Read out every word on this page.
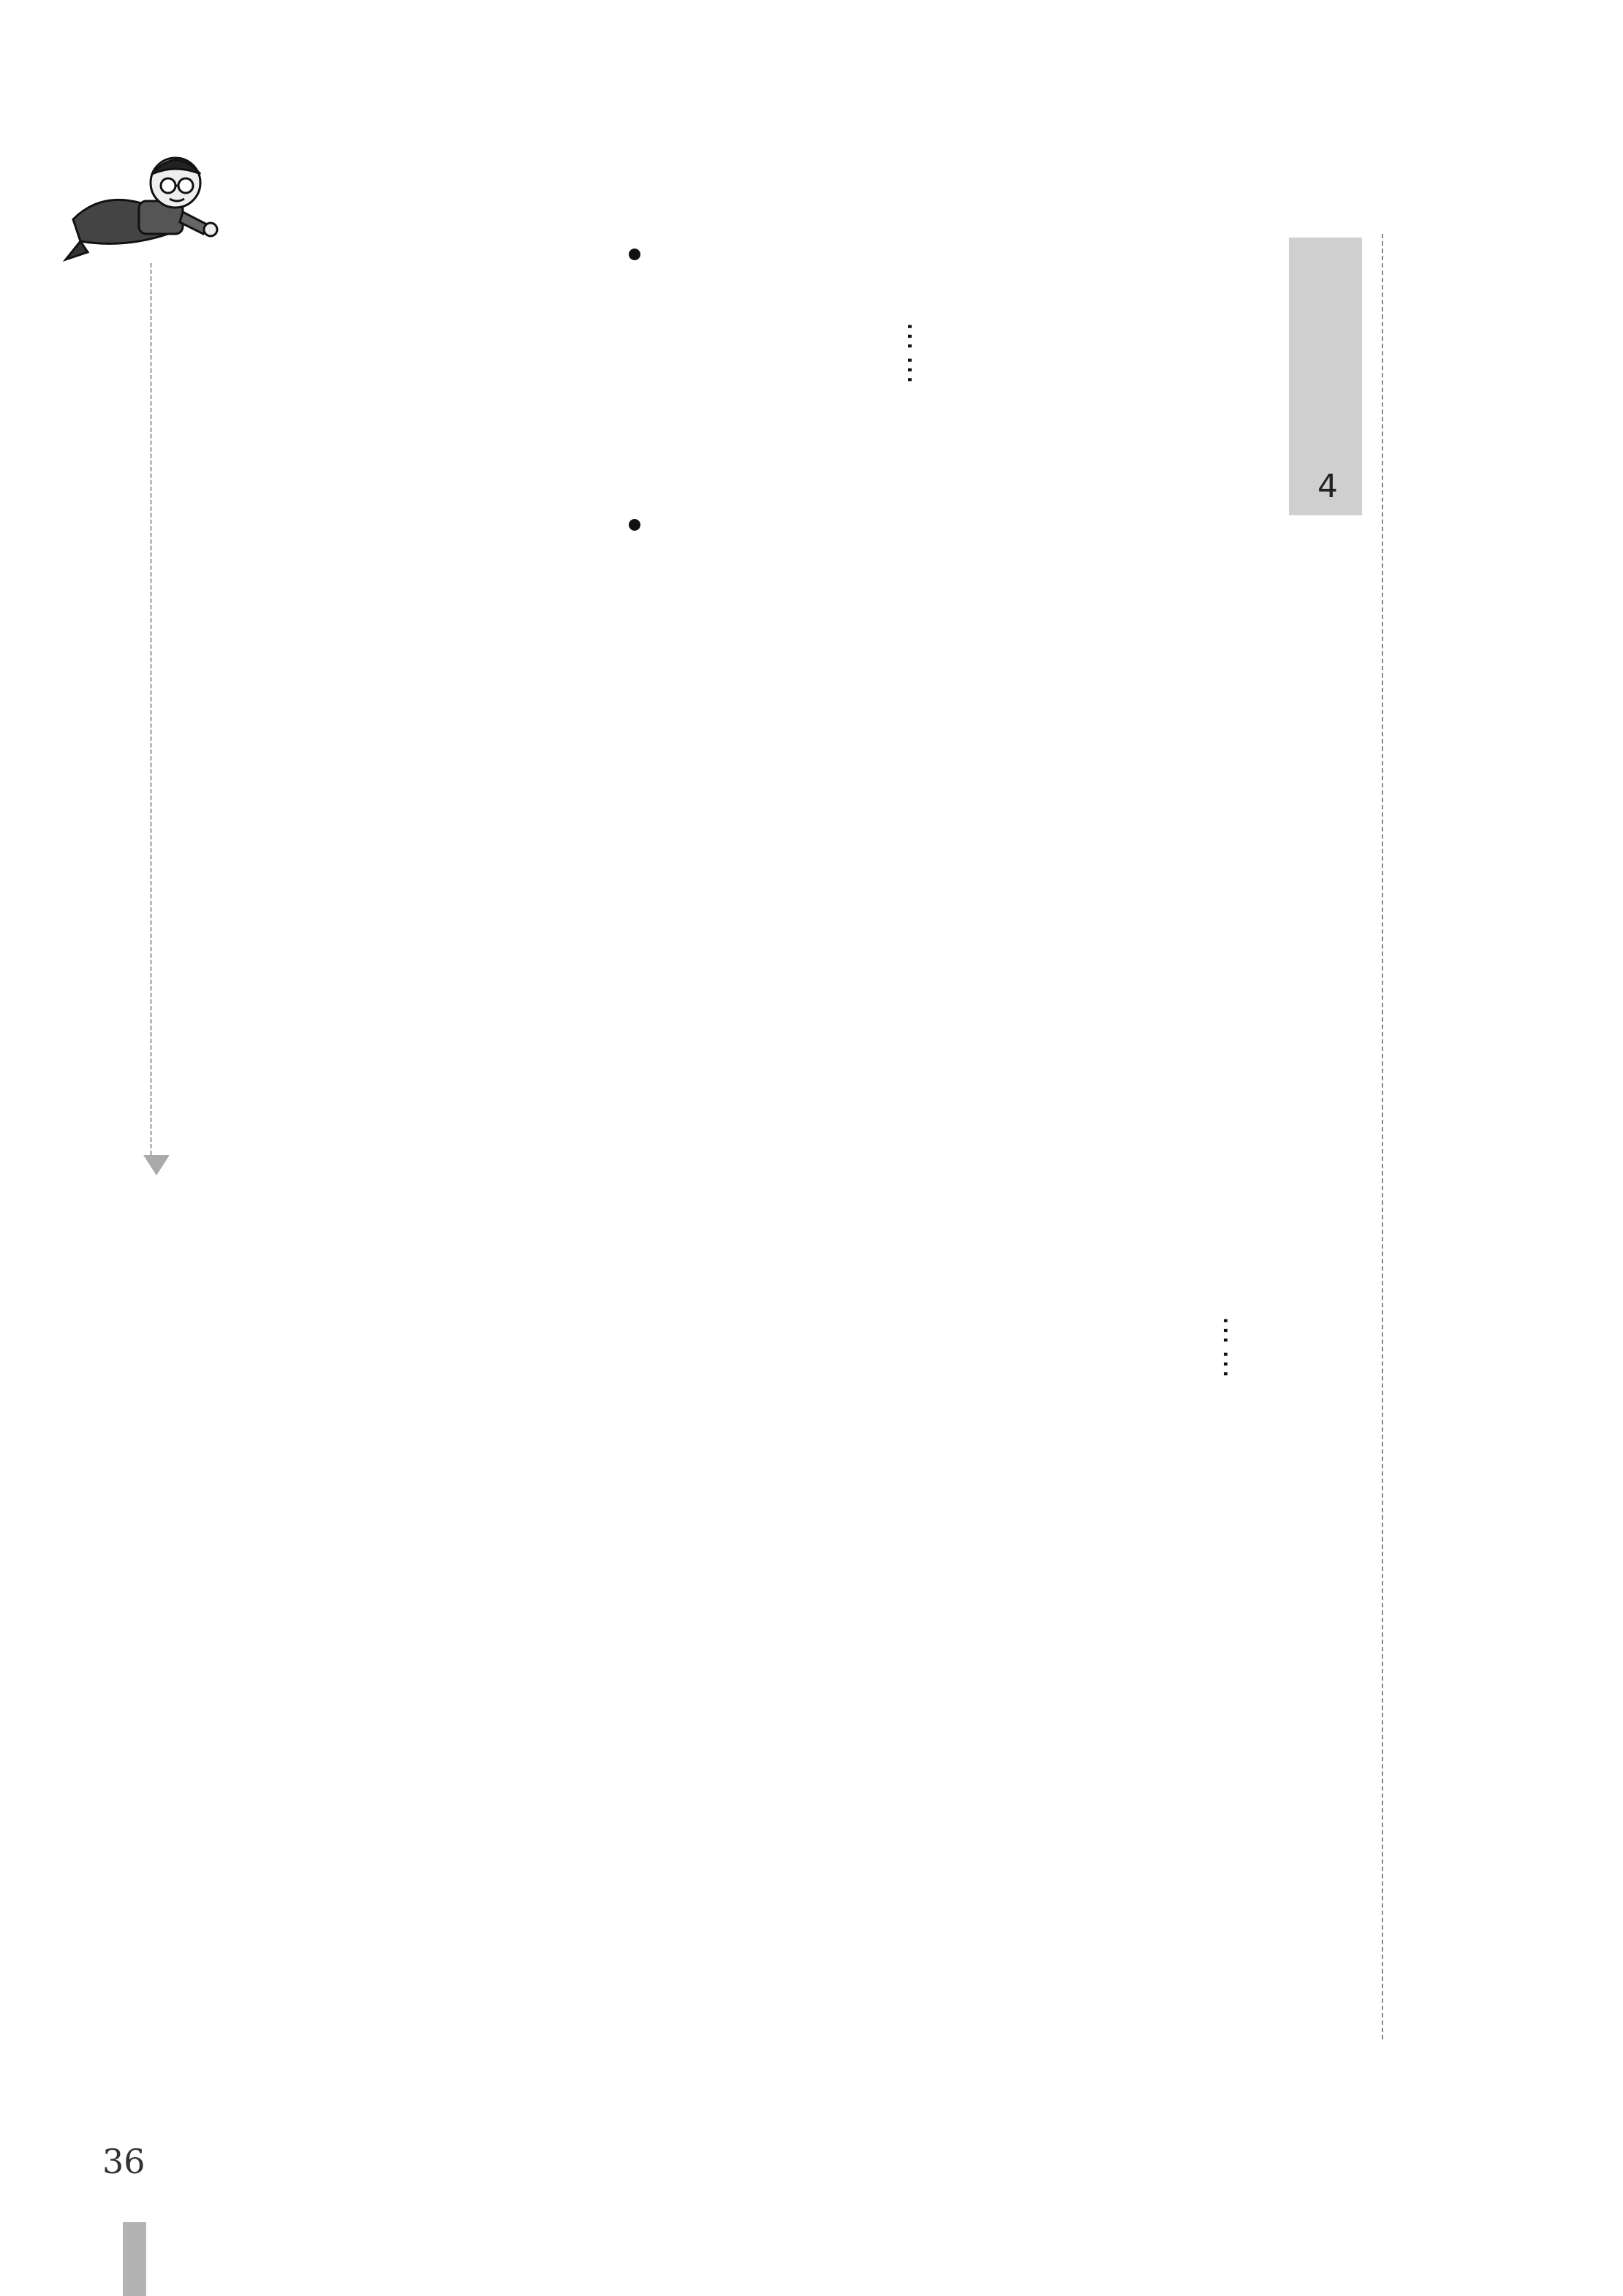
4
……
……
36
